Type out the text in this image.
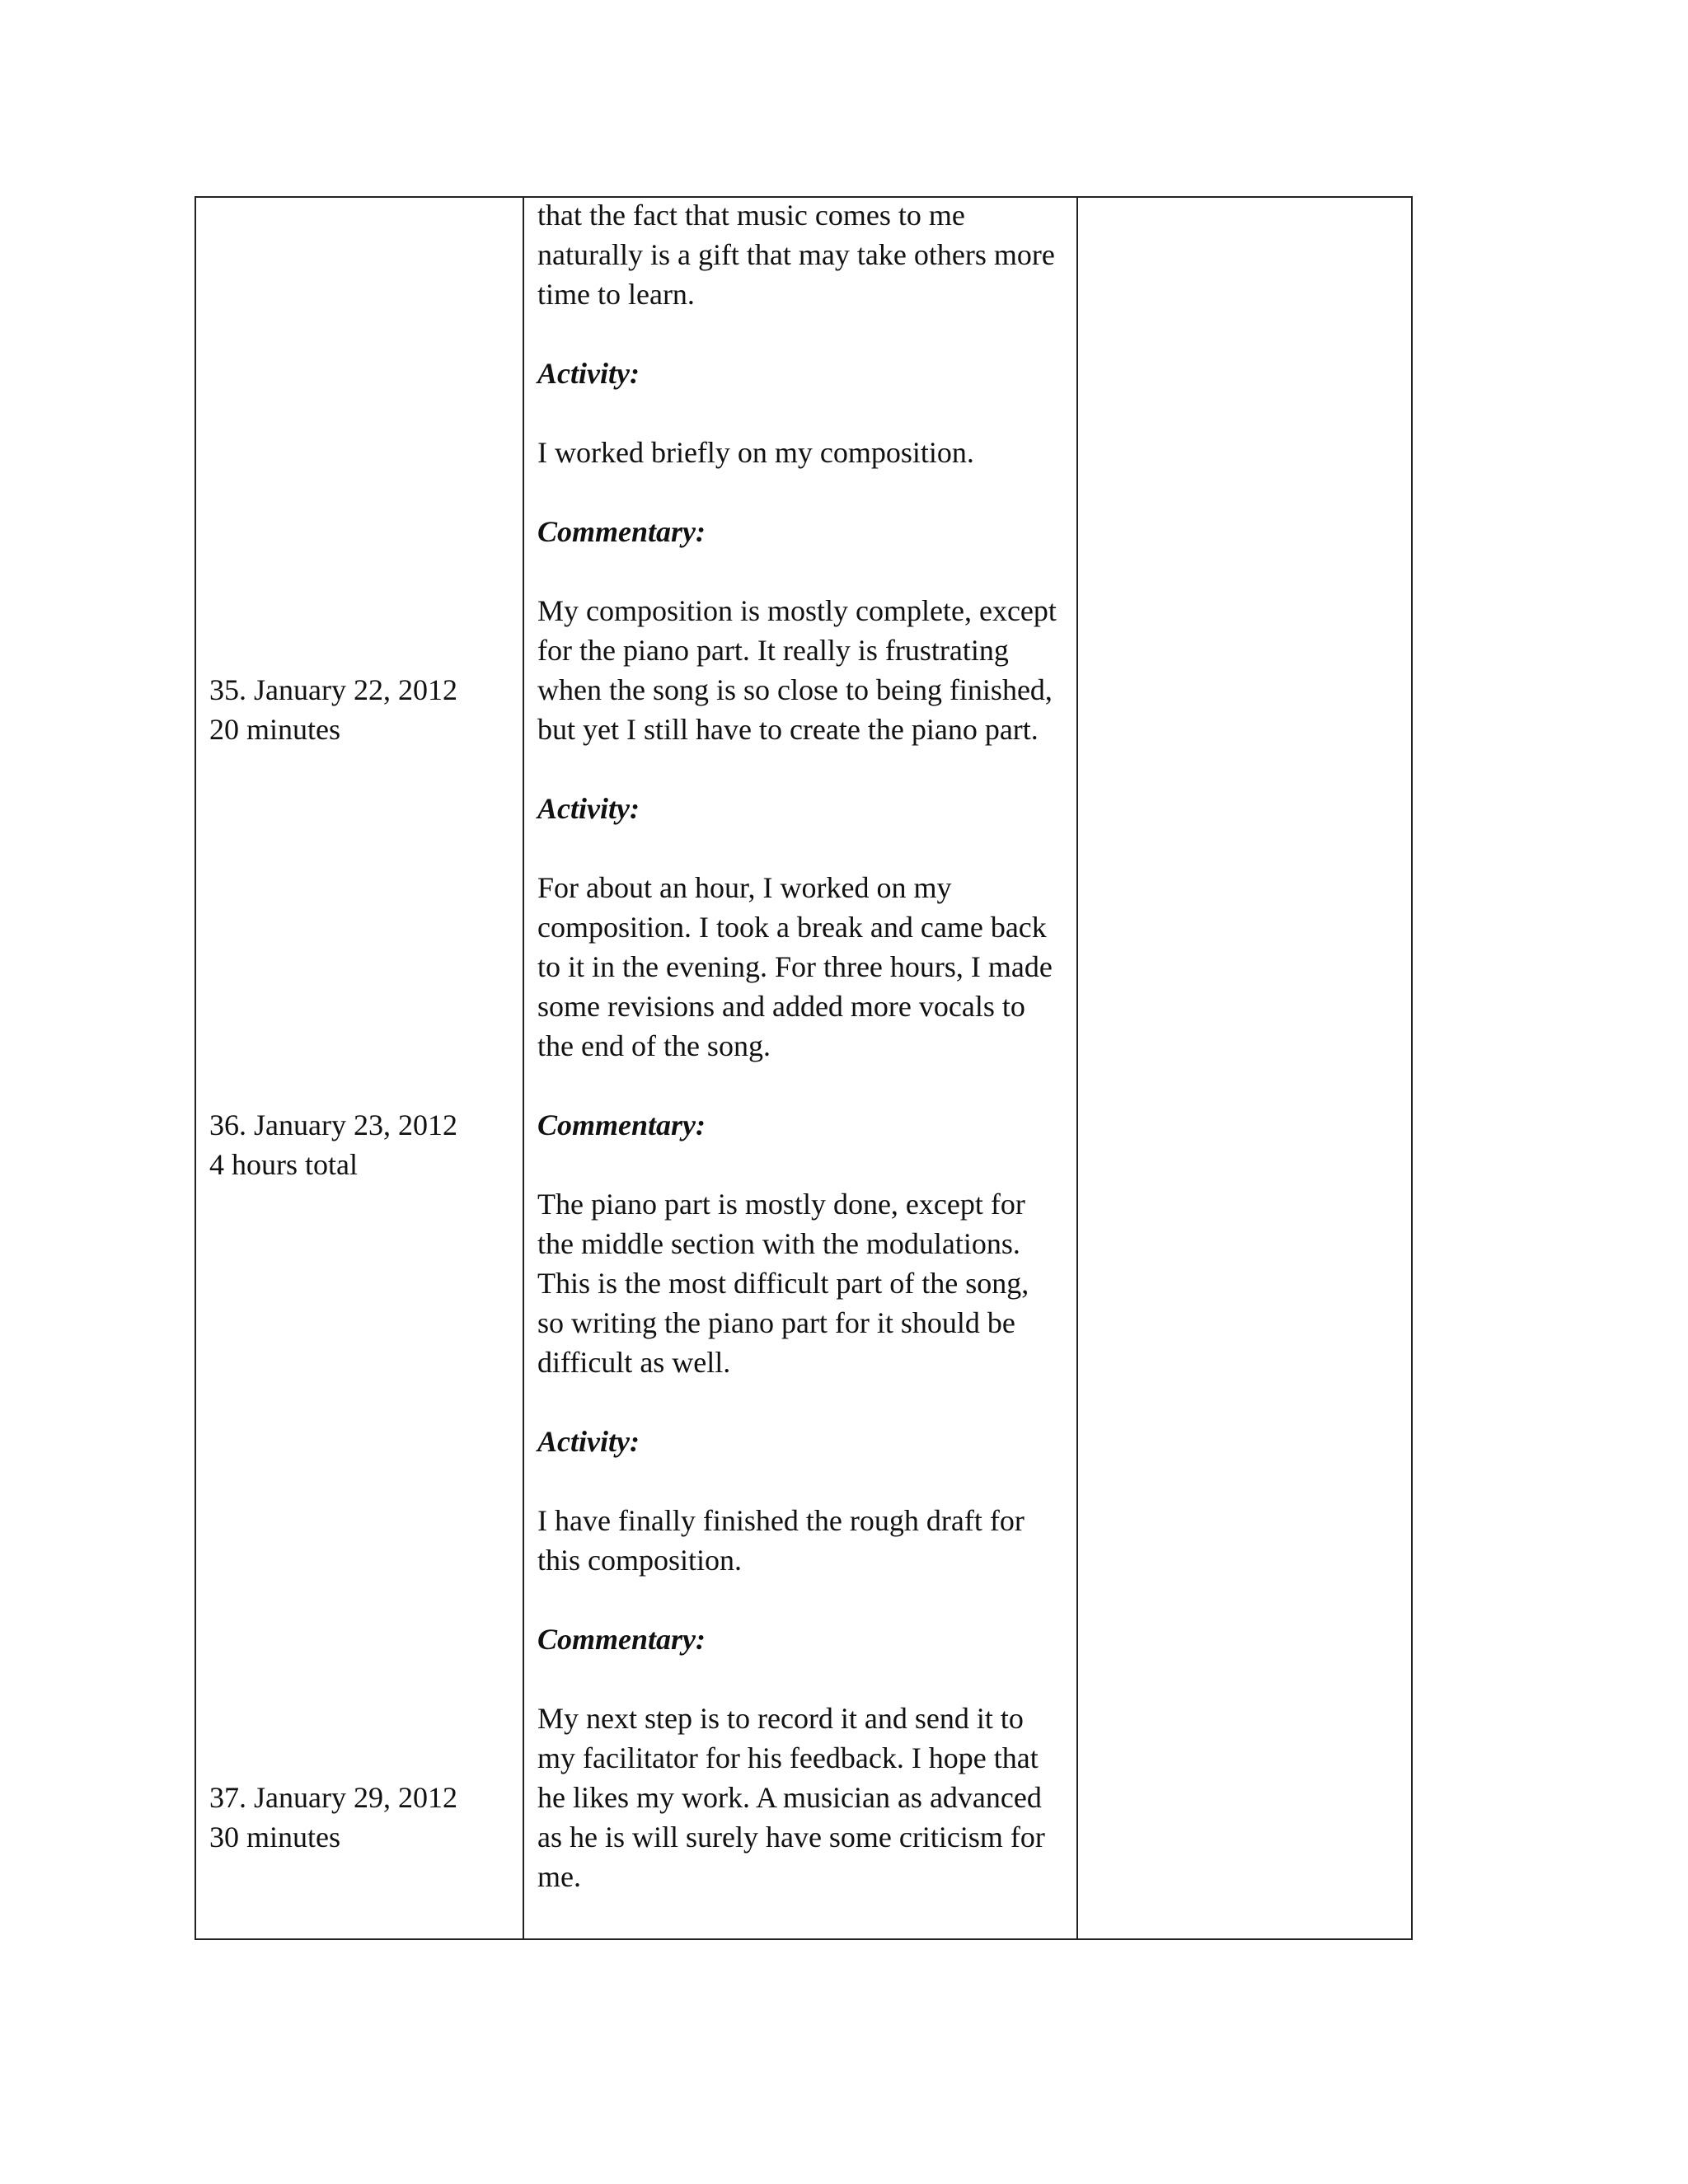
35. January 22, 2012
20 minutes
36. January 23, 2012
4 hours total
37. January 29, 2012
30 minutes
that the fact that music comes to me
naturally is a gift that may take others more
time to learn.
Activity:
I worked briefly on my composition.
Commentary:
My composition is mostly complete, except
for the piano part. It really is frustrating
when the song is so close to being finished,
but yet I still have to create the piano part.
Activity:
For about an hour, I worked on my
composition. I took a break and came back
to it in the evening. For three hours, I made
some revisions and added more vocals to
the end of the song.
Commentary:
The piano part is mostly done, except for
the middle section with the modulations.
This is the most difficult part of the song,
so writing the piano part for it should be
difficult as well.
Activity:
I have finally finished the rough draft for
this composition.
Commentary:
My next step is to record it and send it to
my facilitator for his feedback. I hope that
he likes my work. A musician as advanced
as he is will surely have some criticism for
me.
